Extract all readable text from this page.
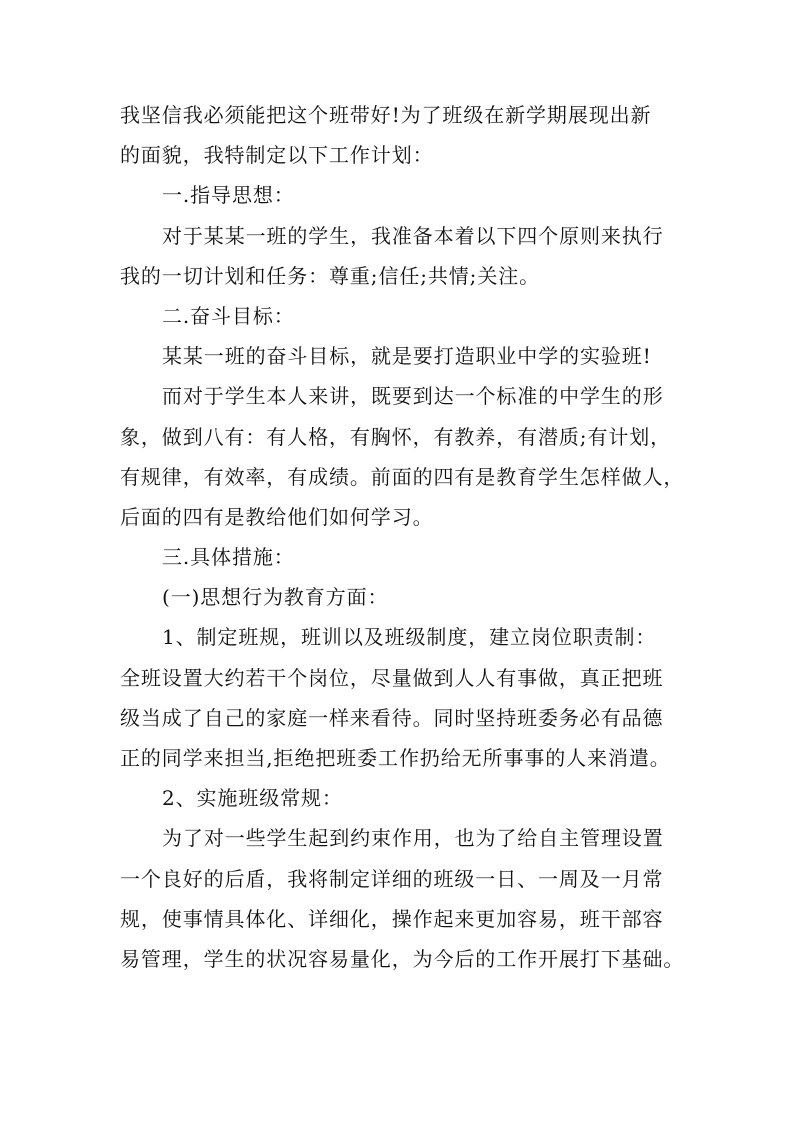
我坚信我必须能把这个班带好!为了班级在新学期展现出新
的面貌，我特制定以下工作计划：
一.指导思想：
对于某某一班的学生，我准备本着以下四个原则来执行
我的一切计划和任务：尊重;信任;共情;关注。
二.奋斗目标：
某某一班的奋斗目标，就是要打造职业中学的实验班!
而对于学生本人来讲，既要到达一个标准的中学生的形
象，做到八有：有人格，有胸怀，有教养，有潜质;有计划，
有规律，有效率，有成绩。前面的四有是教育学生怎样做人，
后面的四有是教给他们如何学习。
三.具体措施：
(一)思想行为教育方面：
1、制定班规，班训以及班级制度，建立岗位职责制：
全班设置大约若干个岗位，尽量做到人人有事做，真正把班
级当成了自己的家庭一样来看待。同时坚持班委务必有品德
正的同学来担当,拒绝把班委工作扔给无所事事的人来消遣。
2、实施班级常规：
为了对一些学生起到约束作用，也为了给自主管理设置
一个良好的后盾，我将制定详细的班级一日、一周及一月常
规，使事情具体化、详细化，操作起来更加容易，班干部容
易管理，学生的状况容易量化，为今后的工作开展打下基础。
